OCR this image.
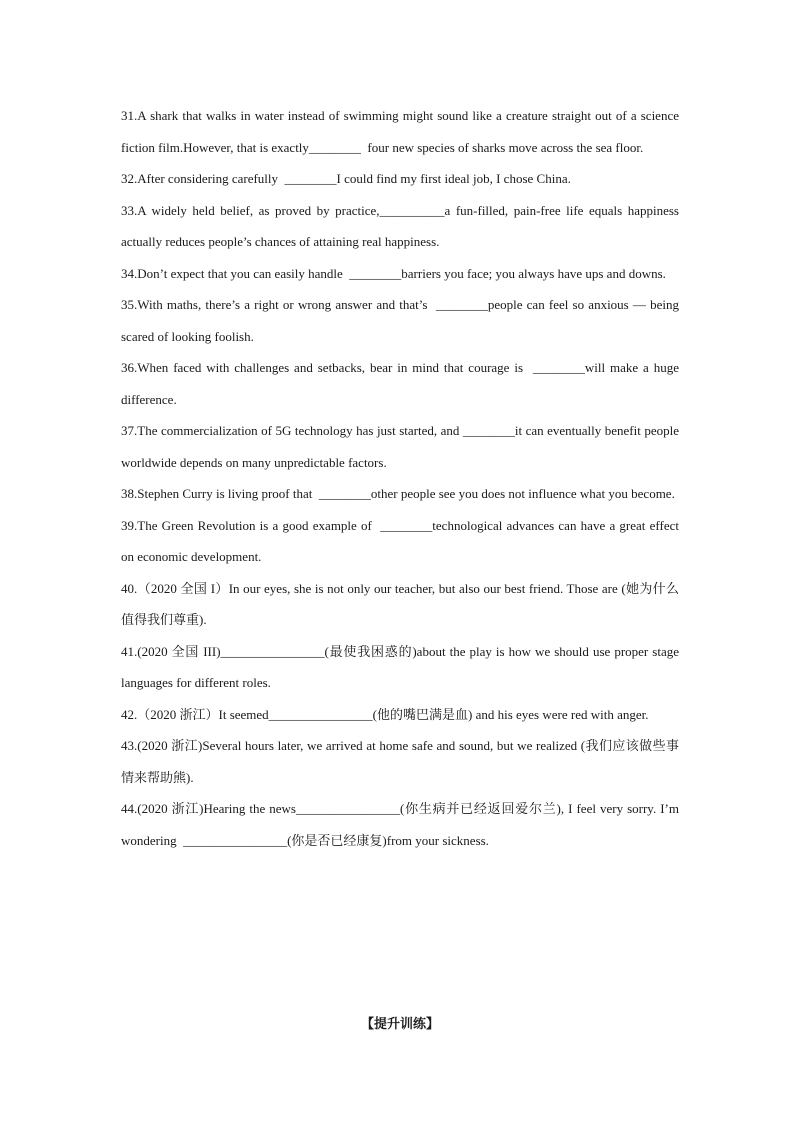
31.A shark that walks in water instead of swimming might sound like a creature straight out of a science fiction film.However, that is exactly________  four new species of sharks move across the sea floor.

32.After considering carefully  ________I could find my first ideal job, I chose China.

33.A widely held belief, as proved by practice,__________a fun-filled, pain-free life equals happiness actually reduces people’s chances of attaining real happiness.

34.Don’t expect that you can easily handle  ________barriers you face; you always have ups and downs.

35.With maths, there’s a right or wrong answer and that’s  ________people can feel so anxious — being scared of looking foolish.

36.When faced with challenges and setbacks, bear in mind that courage is  ________will make a huge difference.

37.The commercialization of 5G technology has just started, and ________it can eventually benefit people worldwide depends on many unpredictable factors.

38.Stephen Curry is living proof that  ________other people see you does not influence what you become.

39.The Green Revolution is a good example of  ________technological advances can have a great effect on economic development.

40.（2020 全国 I）In our eyes, she is not only our teacher, but also our best friend. Those are (她为什么值得我们尊重).

41.(2020 全国 III)________________(最使我困惑的)about the play is how we should use proper stage languages for different roles.

42.（2020 浙江）It seemed________________(他的嘴巴满是血) and his eyes were red with anger.

43.(2020 浙江)Several hours later, we arrived at home safe and sound, but we realized (我们应该做些事情来帮助熊).

44.(2020 浙江)Hearing the news________________(你生病并已经返回爱尔兰), I feel very sorry. I’m wondering  ________________(你是否已经康复)from your sickness.

【提升训练】
